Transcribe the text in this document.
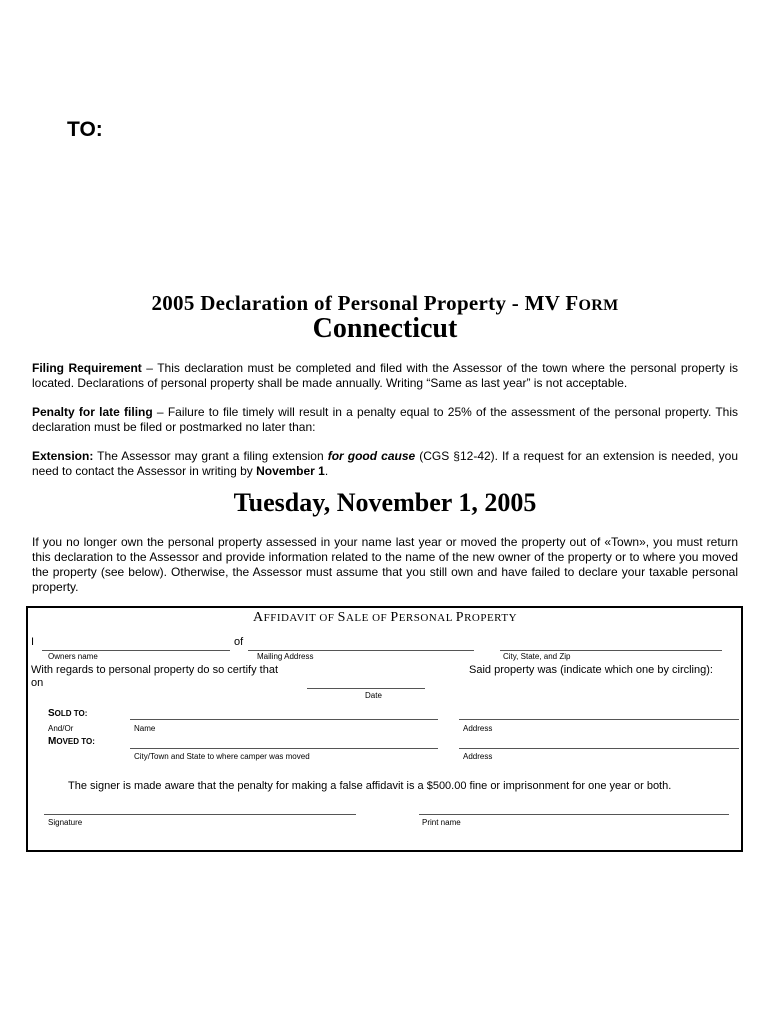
TO:
2005 Declaration of Personal Property - MV FORM
Connecticut
Filing Requirement – This declaration must be completed and filed with the Assessor of the town where the personal property is located. Declarations of personal property shall be made annually. Writing “Same as last year” is not acceptable.
Penalty for late filing – Failure to file timely will result in a penalty equal to 25% of the assessment of the personal property. This declaration must be filed or postmarked no later than:
Extension: The Assessor may grant a filing extension for good cause (CGS §12-42). If a request for an extension is needed, you need to contact the Assessor in writing by November 1.
Tuesday, November 1, 2005
If you no longer own the personal property assessed in your name last year or moved the property out of «Town», you must return this declaration to the Assessor and provide information related to the name of the new owner of the property or to where you moved the property (see below). Otherwise, the Assessor must assume that you still own and have failed to declare your taxable personal property.
AFFIDAVIT OF SALE OF PERSONAL PROPERTY
I	of
Owners name	Mailing Address	City, State, and Zip
With regards to personal property do so certify that
on
Said property was (indicate which one by circling):
Date
SOLD TO:
And/Or	Name	Address
MOVED TO:
City/Town and State to where camper was moved	Address
The signer is made aware that the penalty for making a false affidavit is a $500.00 fine or imprisonment for one year or both.
Signature	Print name
